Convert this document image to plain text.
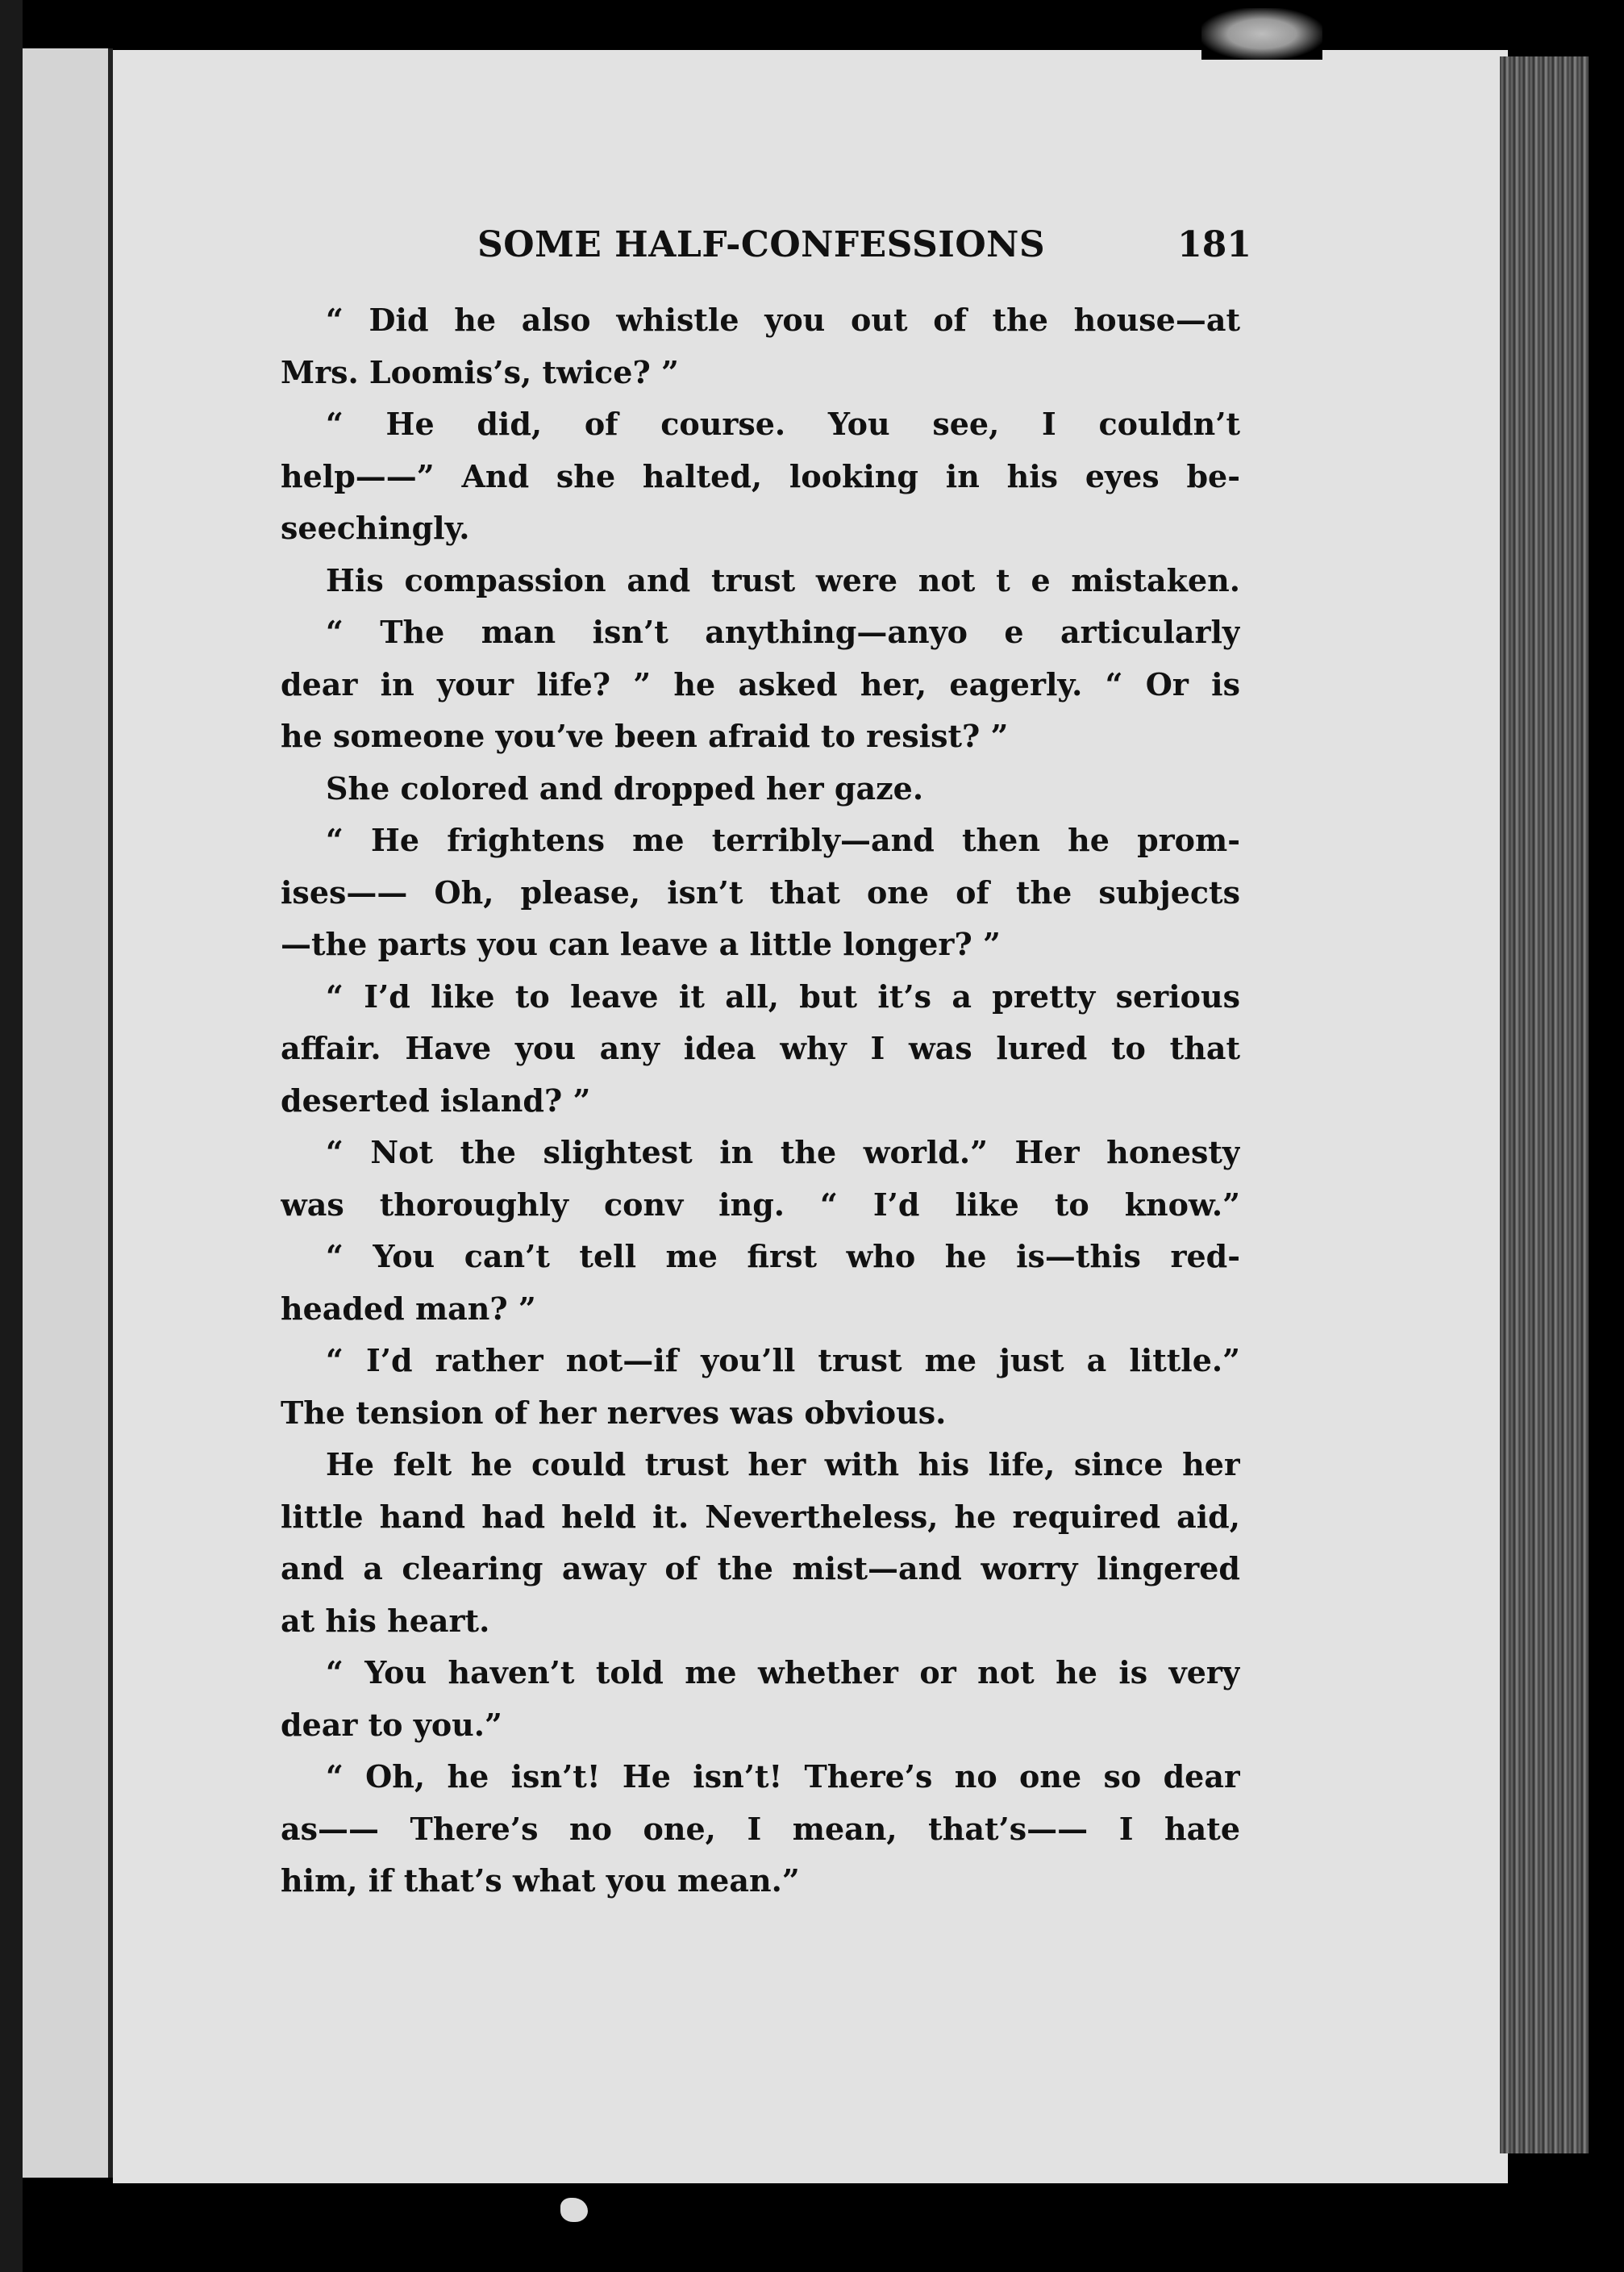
SOME HALF-CONFESSIONS	181
“ Did he also whistle you out of the house—at
Mrs. Loomis’s, twice? ”
“ He did, of course. You see, I couldn’t
help——” And she halted, looking in his eyes be-
seechingly.
His compassion and trust were not t e mistaken.
“ The man isn’t anything—anyo e articularly
dear in your life? ” he asked her, eagerly. “ Or is
he someone you’ve been afraid to resist? ”
She colored and dropped her gaze.
“ He frightens me terribly—and then he prom-
ises—— Oh, please, isn’t that one of the subjects
—the parts you can leave a little longer? ”
“ I’d like to leave it all, but it’s a pretty serious
affair. Have you any idea why I was lured to that
deserted island? ”
“ Not the slightest in the world.” Her honesty
was thoroughly conv ing. “ I’d like to know.”
“ You can’t tell me first who he is—this red-
headed man? ”
“ I’d rather not—if you’ll trust me just a little.”
The tension of her nerves was obvious.
He felt he could trust her with his life, since her
little hand had held it. Nevertheless, he required aid,
and a clearing away of the mist—and worry lingered
at his heart.
“ You haven’t told me whether or not he is very
dear to you.”
“ Oh, he isn’t! He isn’t! There’s no one so dear
as—— There’s no one, I mean, that’s—— I hate
him, if that’s what you mean.”
